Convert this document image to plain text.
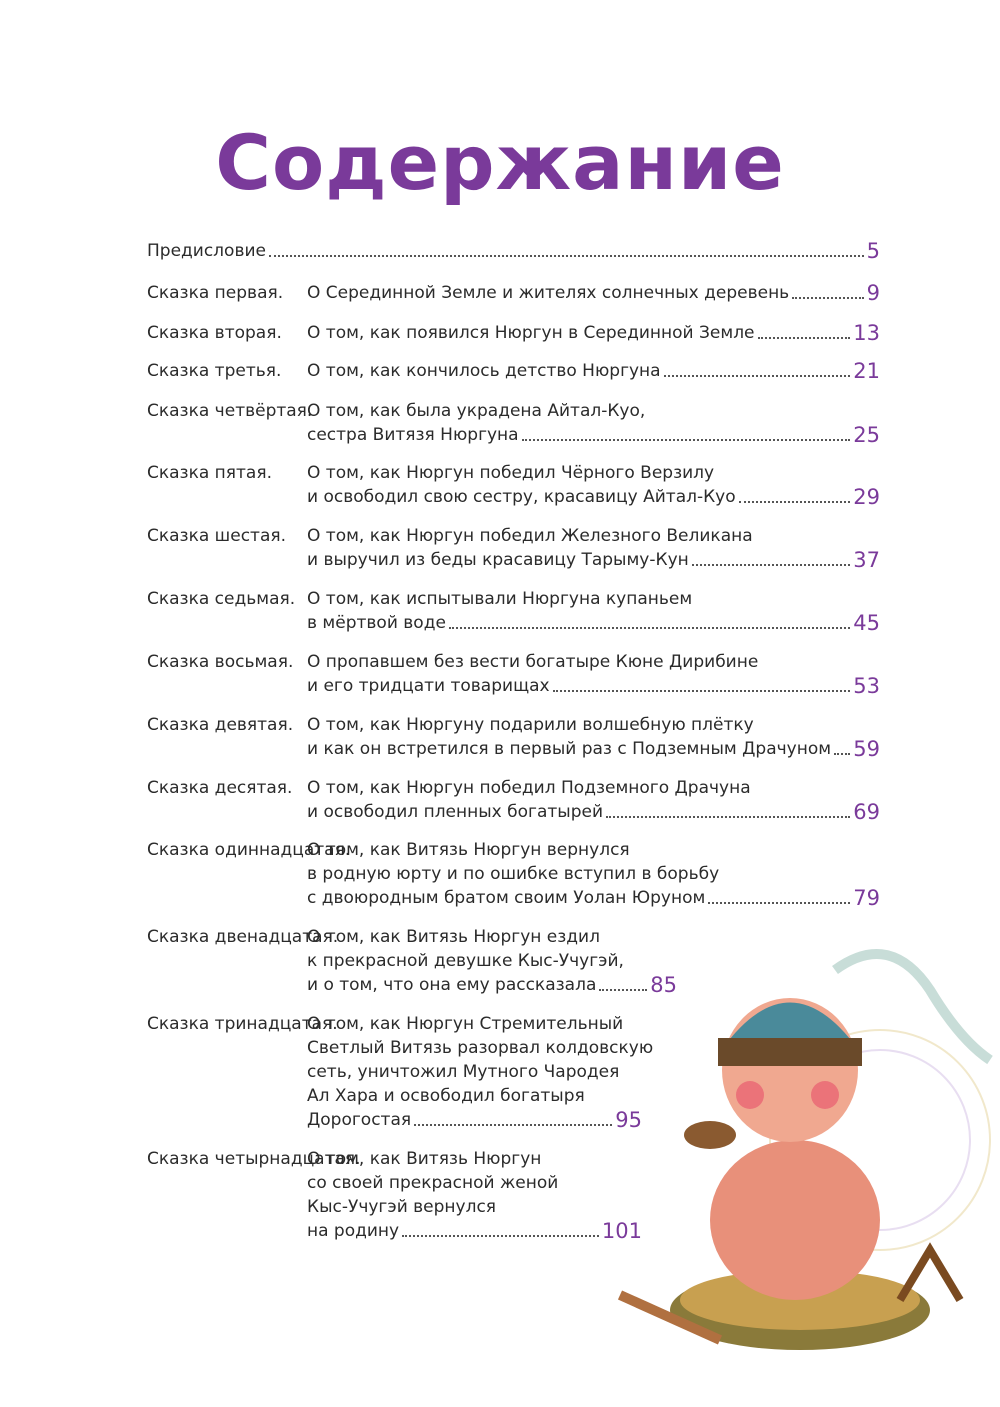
Содержание
Предисловие	5
Сказка первая.	О Серединной Земле и жителях солнечных деревень	9
Сказка вторая.	О том, как появился Нюргун в Серединной Земле	13
Сказка третья.	О том, как кончилось детство Нюргуна	21
Сказка четвёртая.
О том, как была украдена Айтал-Куо,
сестра Витязя Нюргуна	25
Сказка пятая.	О том, как Нюргун победил Чёрного Верзилу
и освободил свою сестру, красавицу Айтал-Куо	29
Сказка шестая.	О том, как Нюргун победил Железного Великана
и выручил из беды красавицу Тарыму-Кун	37
Сказка седьмая. О том, как испытывали Нюргуна купаньем
в мёртвой воде	45
Сказка восьмая. О пропавшем без вести богатыре Кюне Дирибине
и его тридцати товарищах	53
Сказка девятая. О том, как Нюргуну подарили волшебную плётку
и как он встретился в первый раз с Подземным Драчуном 59
Сказка десятая. О том, как Нюргун победил Подземного Драчуна
и освободил пленных богатырей	69
Сказка одиннадцатая.
О том, как Витязь Нюргун вернулся
в родную юрту и по ошибке вступил в борьбу
с двоюродным братом своим Уолан Юруном	79
Сказка двенадцатая.
О том, как Витязь Нюргун ездил
к прекрасной девушке Кыс-Учугэй,
и о том, что она ему рассказала	85
Сказка тринадцатая.
О том, как Нюргун Стремительный
Светлый Витязь разорвал колдовскую
сеть, уничтожил Мутного Чародея
Ал Хара и освободил богатыря
Дорогостая	95
Сказка четырнадцатая.
О том, как Витязь Нюргун
со своей прекрасной женой
Кыс-Учугэй вернулся
на родину	101
